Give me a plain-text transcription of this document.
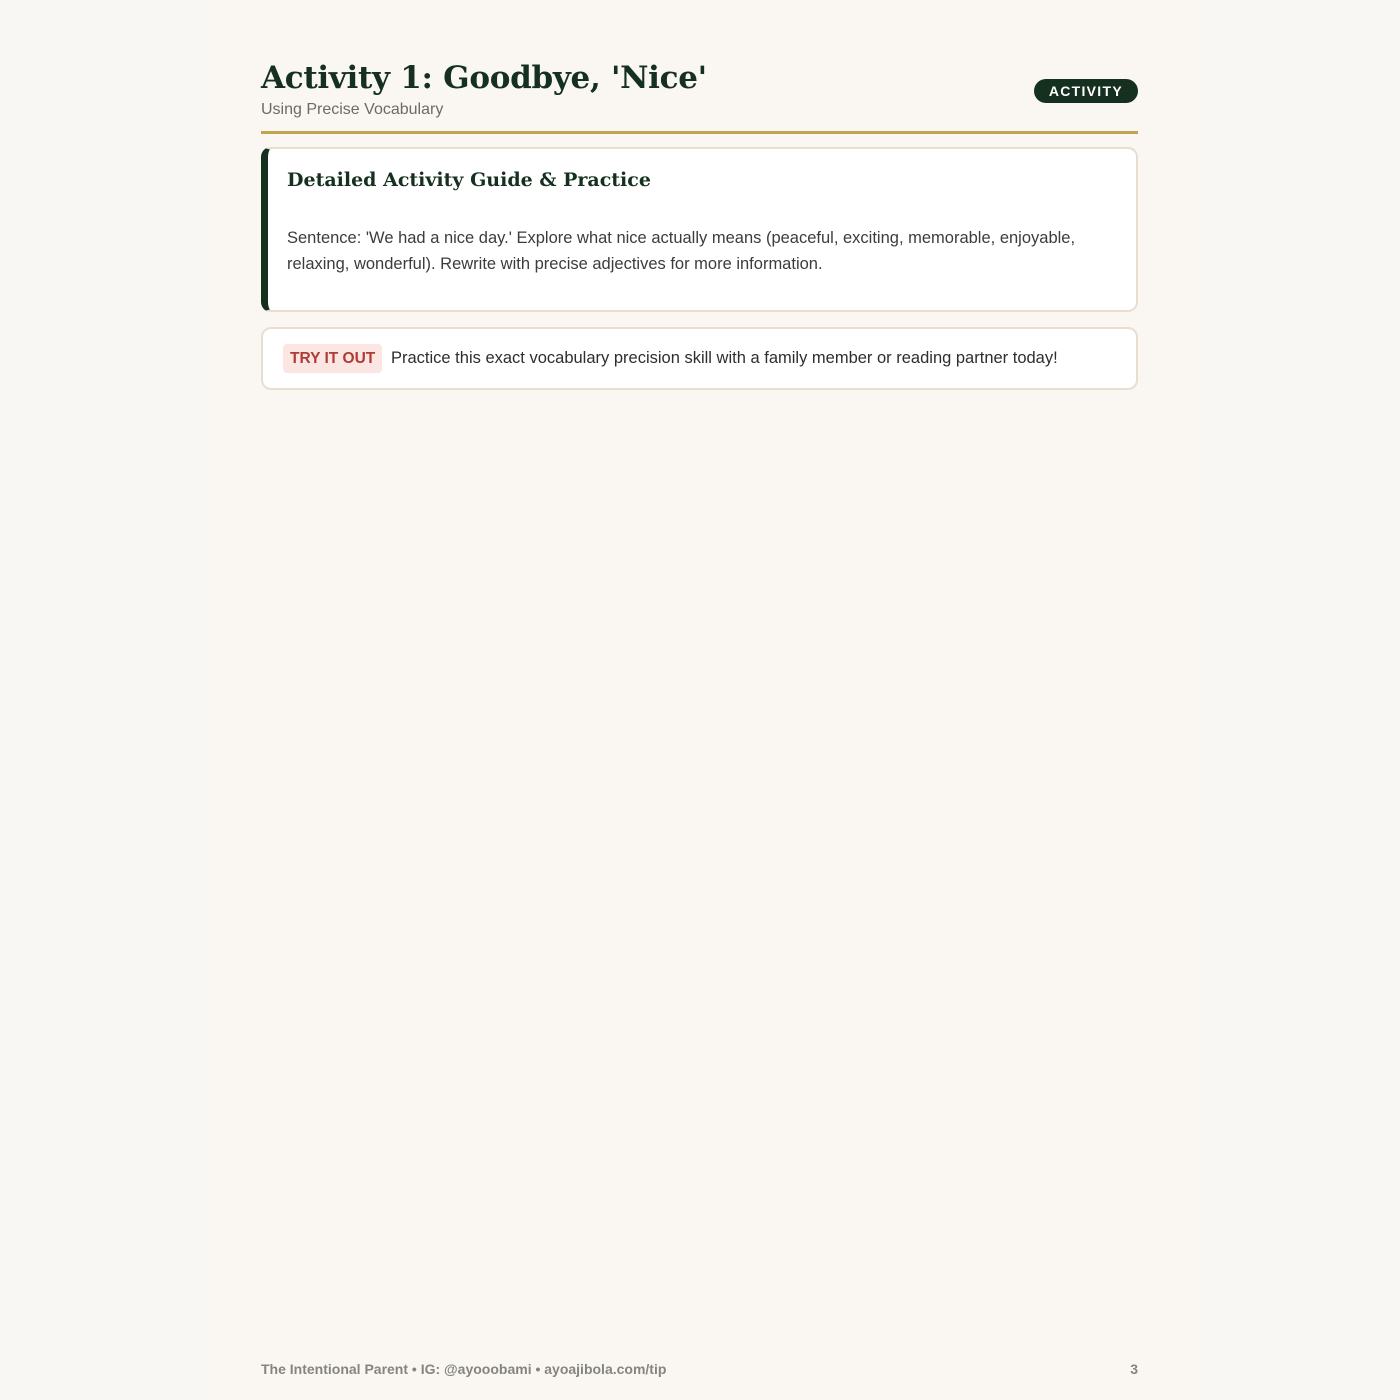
Activity 1: Goodbye, 'Nice'
Using Precise Vocabulary
ACTIVITY
Detailed Activity Guide & Practice

Sentence: 'We had a nice day.' Explore what nice actually means (peaceful, exciting, memorable, enjoyable, relaxing, wonderful). Rewrite with precise adjectives for more information.

TRY IT OUT Practice this exact vocabulary precision skill with a family member or reading partner today!
The Intentional Parent • IG: @ayooobami • ayoajibola.com/tip	3
